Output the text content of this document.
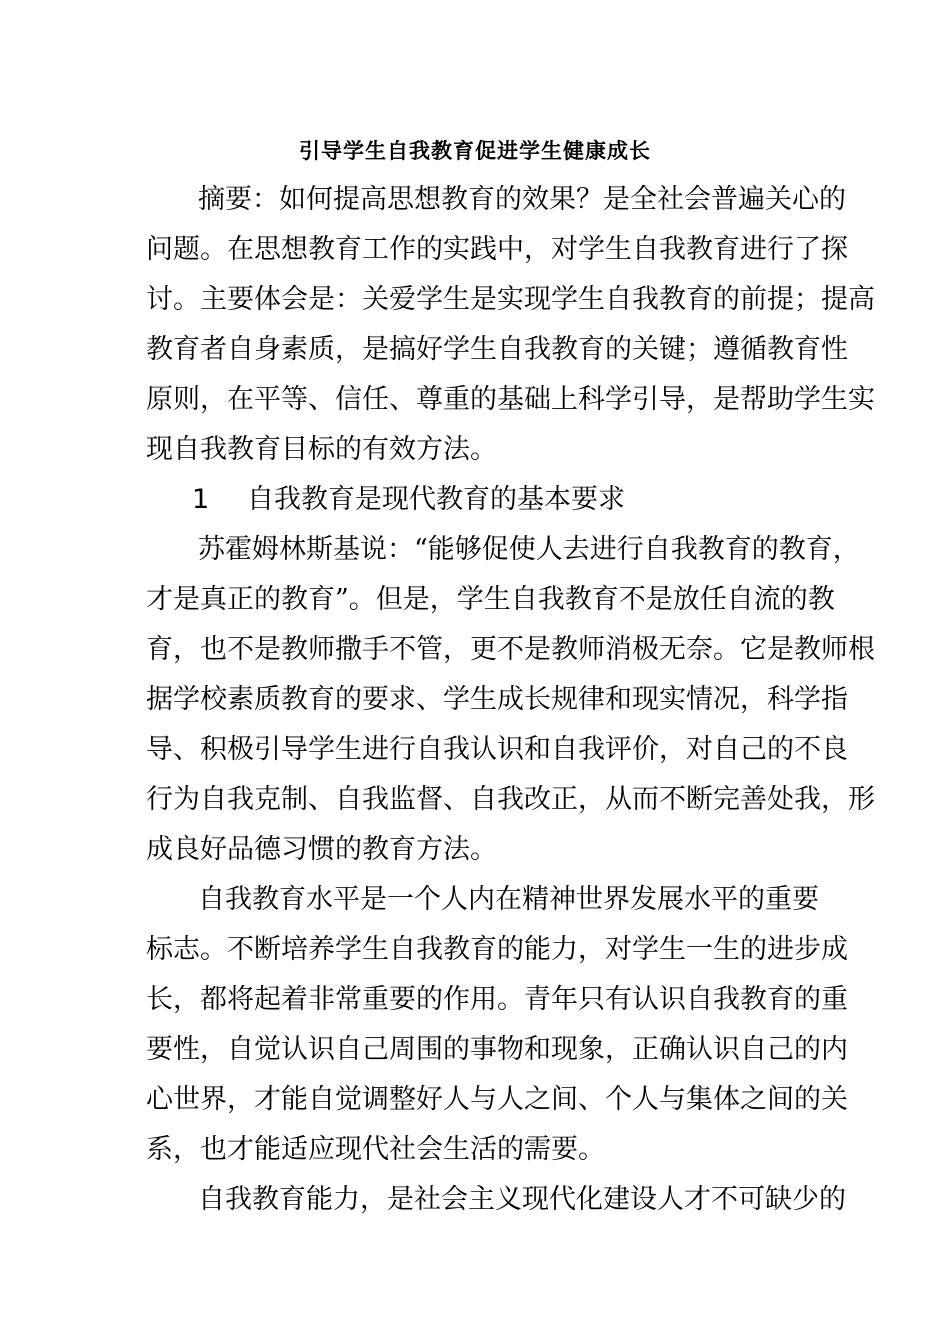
引导学生自我教育促进学生健康成长
摘要：如何提高思想教育的效果？是全社会普遍关心的
问题。在思想教育工作的实践中，对学生自我教育进行了探
讨。主要体会是：关爱学生是实现学生自我教育的前提；提高
教育者自身素质，是搞好学生自我教育的关键；遵循教育性
原则，在平等、信任、尊重的基础上科学引导，是帮助学生实
现自我教育目标的有效方法。
1 自我教育是现代教育的基本要求
苏霍姆林斯基说：“能够促使人去进行自我教育的教育，
才是真正的教育”。但是，学生自我教育不是放任自流的教
育，也不是教师撒手不管，更不是教师消极无奈。它是教师根
据学校素质教育的要求、学生成长规律和现实情况，科学指
导、积极引导学生进行自我认识和自我评价，对自己的不良
行为自我克制、自我监督、自我改正，从而不断完善处我，形
成良好品德习惯的教育方法。
自我教育水平是一个人内在精神世界发展水平的重要
标志。不断培养学生自我教育的能力，对学生一生的进步成
长，都将起着非常重要的作用。青年只有认识自我教育的重
要性，自觉认识自己周围的事物和现象，正确认识自己的内
心世界，才能自觉调整好人与人之间、个人与集体之间的关
系，也才能适应现代社会生活的需要。
自我教育能力，是社会主义现代化建设人才不可缺少的
